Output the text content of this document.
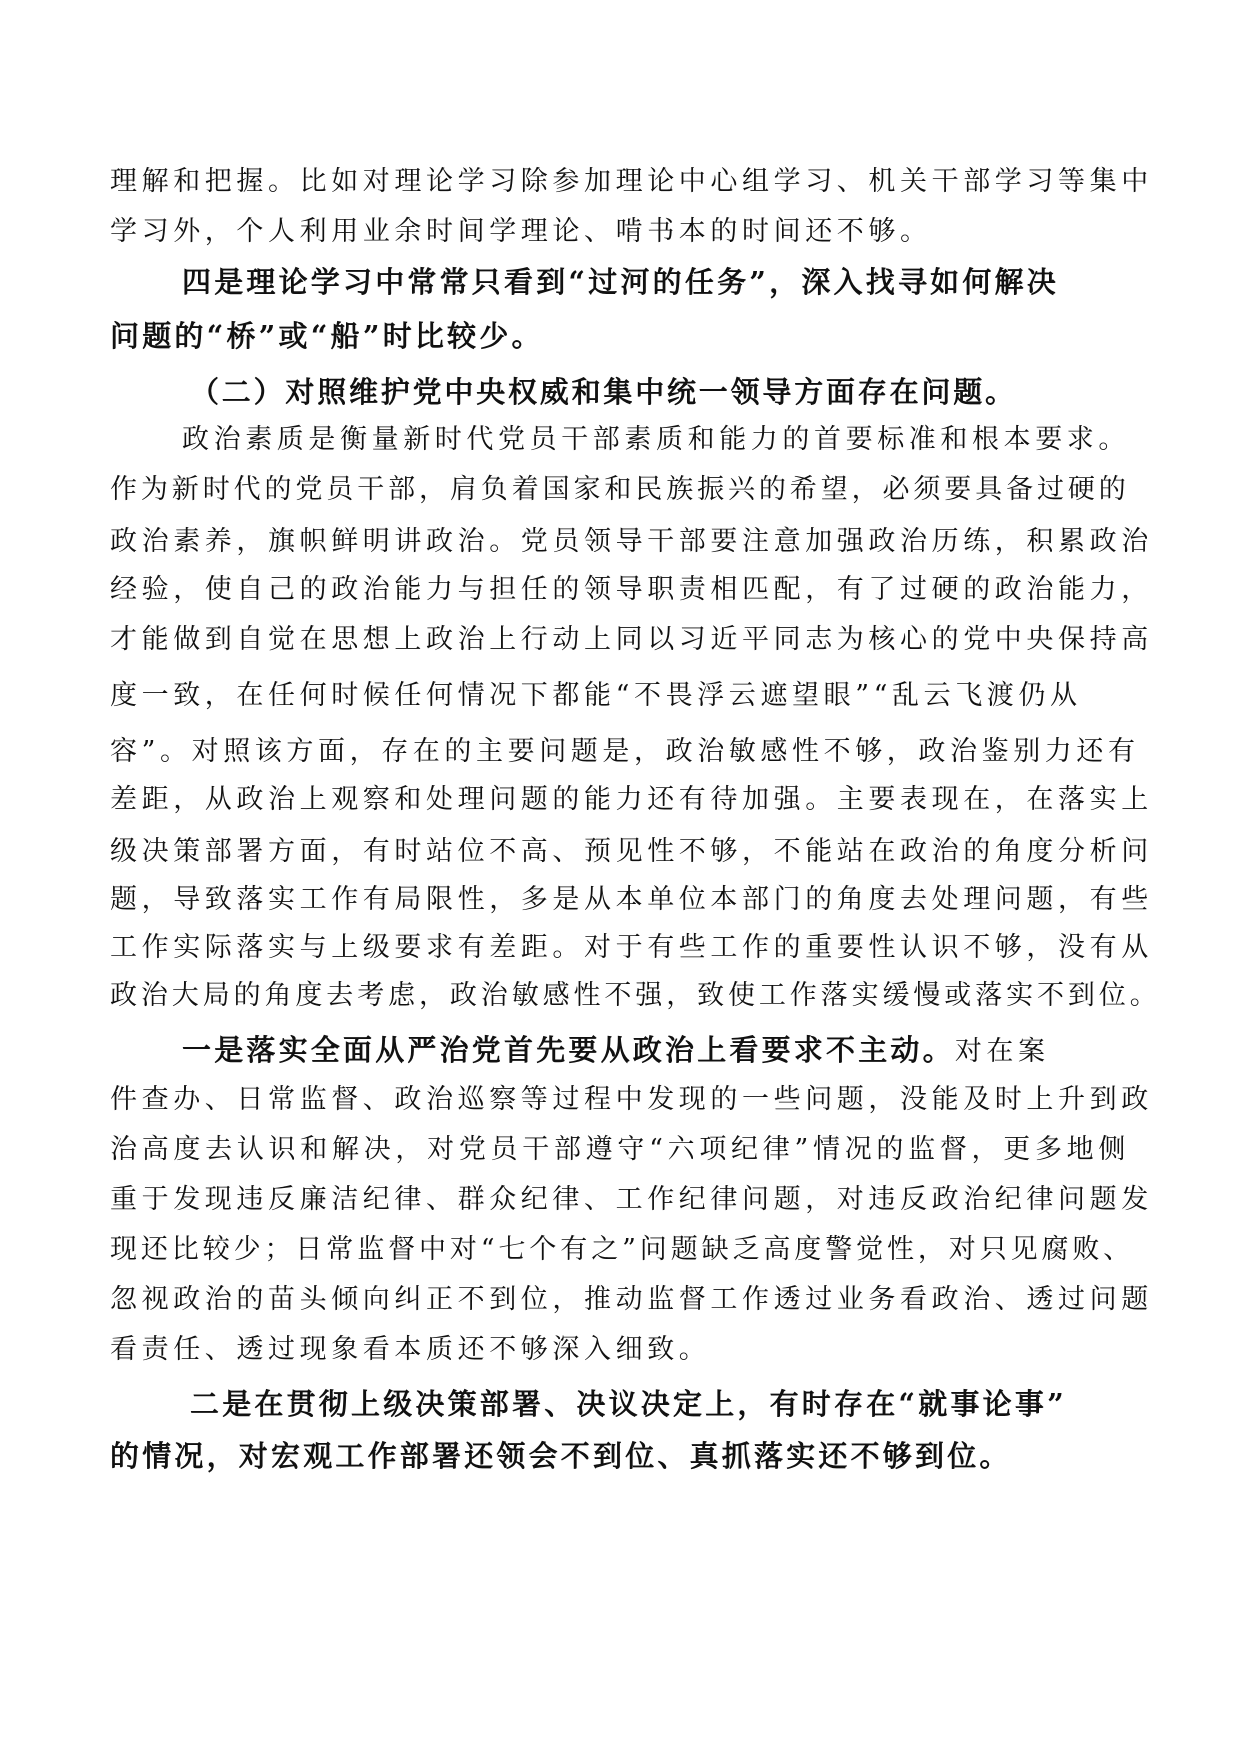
理解和把握。比如对理论学习除参加理论中心组学习、机关干部学习等集中
学习外，个人利用业余时间学理论、啃书本的时间还不够。
四是理论学习中常常只看到“过河的任务”，深入找寻如何解决
问题的“桥”或“船”时比较少。
（二）对照维护党中央权威和集中统一领导方面存在问题。
政治素质是衡量新时代党员干部素质和能力的首要标准和根本要求。
作为新时代的党员干部，肩负着国家和民族振兴的希望，必须要具备过硬的
政治素养，旗帜鲜明讲政治。党员领导干部要注意加强政治历练，积累政治
经验，使自己的政治能力与担任的领导职责相匹配，有了过硬的政治能力，
才能做到自觉在思想上政治上行动上同以习近平同志为核心的党中央保持高
度一致，在任何时候任何情况下都能“不畏浮云遮望眼”“乱云飞渡仍从
容”。对照该方面，存在的主要问题是，政治敏感性不够，政治鉴别力还有
差距，从政治上观察和处理问题的能力还有待加强。主要表现在，在落实上
级决策部署方面，有时站位不高、预见性不够，不能站在政治的角度分析问
题，导致落实工作有局限性，多是从本单位本部门的角度去处理问题，有些
工作实际落实与上级要求有差距。对于有些工作的重要性认识不够，没有从
政治大局的角度去考虑，政治敏感性不强，致使工作落实缓慢或落实不到位。
一是落实全面从严治党首先要从政治上看要求不主动。对在案
件查办、日常监督、政治巡察等过程中发现的一些问题，没能及时上升到政
治高度去认识和解决，对党员干部遵守“六项纪律”情况的监督，更多地侧
重于发现违反廉洁纪律、群众纪律、工作纪律问题，对违反政治纪律问题发
现还比较少；日常监督中对“七个有之”问题缺乏高度警觉性，对只见腐败、
忽视政治的苗头倾向纠正不到位，推动监督工作透过业务看政治、透过问题
看责任、透过现象看本质还不够深入细致。
二是在贯彻上级决策部署、决议决定上，有时存在“就事论事”
的情况，对宏观工作部署还领会不到位、真抓落实还不够到位。
